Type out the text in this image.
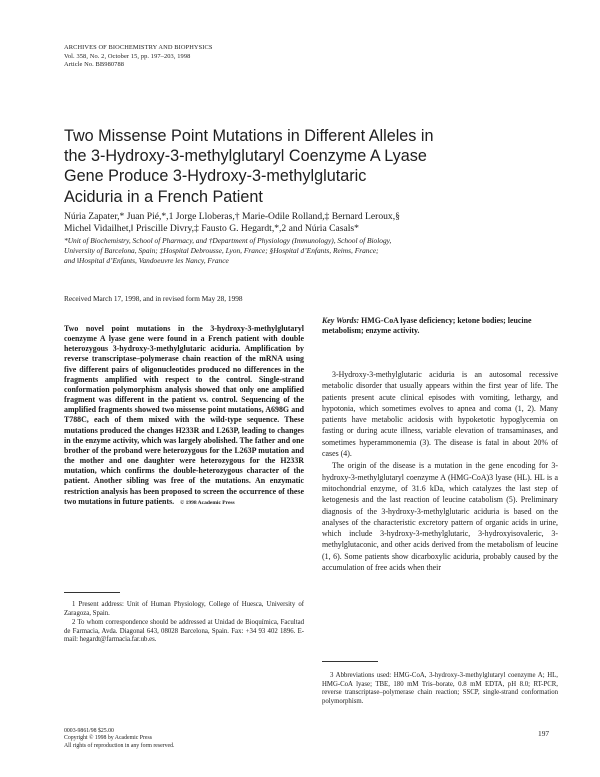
ARCHIVES OF BIOCHEMISTRY AND BIOPHYSICS
Vol. 358, No. 2, October 15, pp. 197–203, 1998
Article No. BB980788
Two Missense Point Mutations in Different Alleles in
the 3-Hydroxy-3-methylglutaryl Coenzyme A Lyase
Gene Produce 3-Hydroxy-3-methylglutaric
Aciduria in a French Patient
Núria Zapater,* Juan Pié,*,1 Jorge Lloberas,† Marie-Odile Rolland,‡ Bernard Leroux,§
Michel Vidailhet,‖ Priscille Divry,‡ Fausto G. Hegardt,*,2 and Núria Casals*
*Unit of Biochemistry, School of Pharmacy, and †Department of Physiology (Immunology), School of Biology,
University of Barcelona, Spain; ‡Hospital Debrousse, Lyon, France; §Hospital d’Enfants, Reims, France;
and ‖Hospital d’Enfants, Vandoeuvre les Nancy, France
Received March 17, 1998, and in revised form May 28, 1998
Two novel point mutations in the 3-hydroxy-3-methylglutaryl coenzyme A lyase gene were found in a French patient with double heterozygous 3-hydroxy-3-methylglutaric aciduria. Amplification by reverse transcriptase–polymerase chain reaction of the mRNA using five different pairs of oligonucleotides produced no differences in the fragments amplified with respect to the control. Single-strand conformation polymorphism analysis showed that only one amplified fragment was different in the patient vs. control. Sequencing of the amplified fragments showed two missense point mutations, A698G and T788C, each of them mixed with the wild-type sequence. These mutations produced the changes H233R and L263P, leading to changes in the enzyme activity, which was largely abolished. The father and one brother of the proband were heterozygous for the L263P mutation and the mother and one daughter were heterozygous for the H233R mutation, which confirms the double-heterozygous character of the patient. Another sibling was free of the mutations. An enzymatic restriction analysis has been proposed to screen the occurrence of these two mutations in future patients. © 1998 Academic Press

1 Present address: Unit of Human Physiology, College of Huesca, University of Zaragoza, Spain.

2 To whom correspondence should be addressed at Unidad de Bioquímica, Facultad de Farmacia, Avda. Diagonal 643, 08028 Barcelona, Spain. Fax: +34 93 402 1896. E-mail: hegardt@farmacia.far.ub.es.

Key Words: HMG-CoA lyase deficiency; ketone bodies; leucine metabolism; enzyme activity.

3-Hydroxy-3-methylglutaric aciduria is an autosomal recessive metabolic disorder that usually appears within the first year of life. The patients present acute clinical episodes with vomiting, lethargy, and hypotonia, which sometimes evolves to apnea and coma (1, 2). Many patients have metabolic acidosis with hypoketotic hypoglycemia on fasting or during acute illness, variable elevation of transaminases, and sometimes hyperammonemia (3). The disease is fatal in about 20% of cases (4).

The origin of the disease is a mutation in the gene encoding for 3-hydroxy-3-methylglutaryl coenzyme A (HMG-CoA)3 lyase (HL). HL is a mitochondrial enzyme, of 31.6 kDa, which catalyzes the last step of ketogenesis and the last reaction of leucine catabolism (5). Preliminary diagnosis of the 3-hydroxy-3-methylglutaric aciduria is based on the analyses of the characteristic excretory pattern of organic acids in urine, which include 3-hydroxy-3-methylglutaric, 3-hydroxyisovaleric, 3-methylglutaconic, and other acids derived from the metabolism of leucine (1, 6). Some patients show dicarboxylic aciduria, probably caused by the accumulation of free acids when their

3 Abbreviations used: HMG-CoA, 3-hydroxy-3-methylglutaryl coenzyme A; HL, HMG-CoA lyase; TBE, 180 mM Tris–borate, 0.8 mM EDTA, pH 8.0; RT-PCR, reverse transcriptase–polymerase chain reaction; SSCP, single-strand conformation polymorphism.

0003-9861/98 $25.00
Copyright © 1998 by Academic Press
All rights of reproduction in any form reserved.
197
